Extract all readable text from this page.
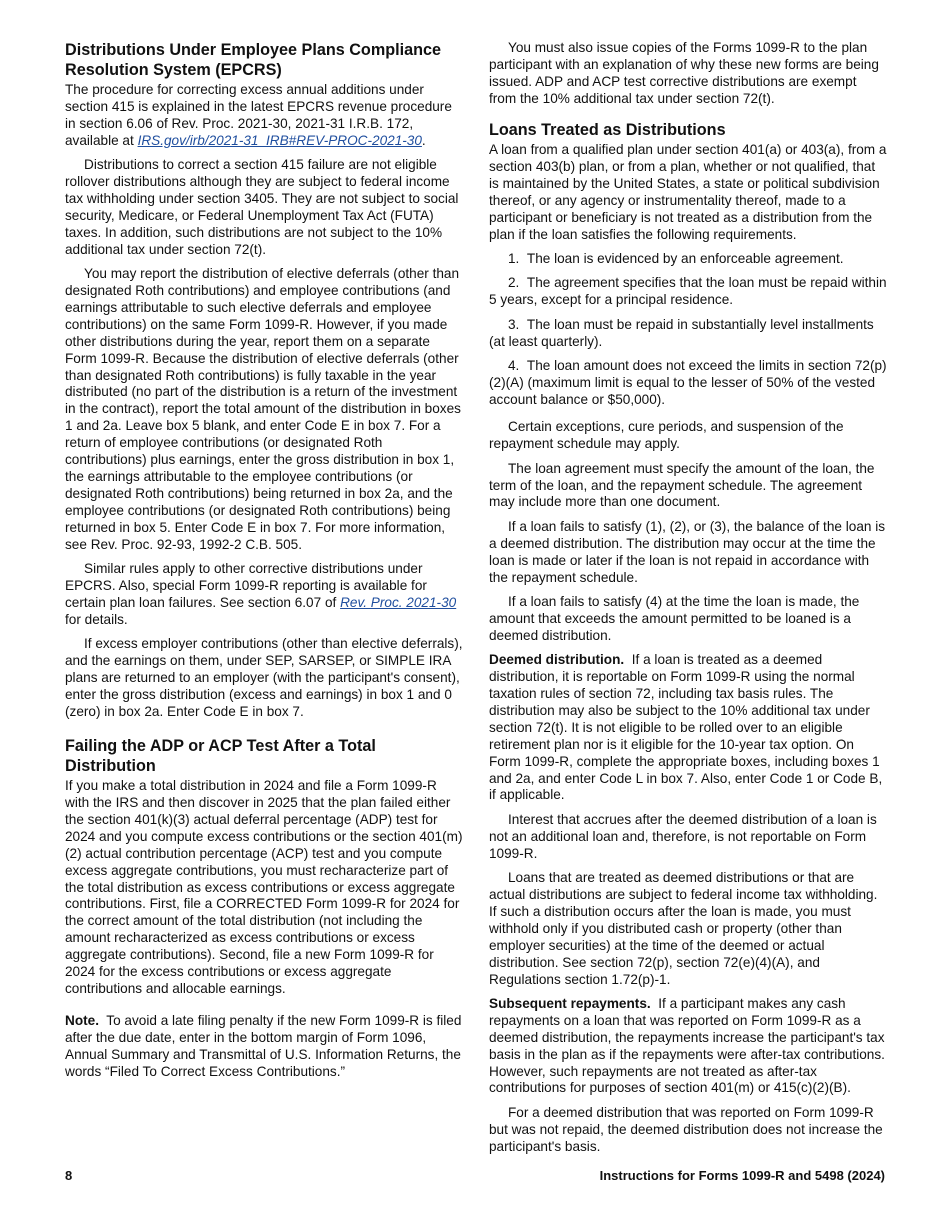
Distributions Under Employee Plans Compliance Resolution System (EPCRS)

The procedure for correcting excess annual additions under section 415 is explained in the latest EPCRS revenue procedure in section 6.06 of Rev. Proc. 2021-30, 2021-31 I.R.B. 172, available at IRS.gov/irb/2021-31_IRB#REV-PROC-2021-30.

Distributions to correct a section 415 failure are not eligible rollover distributions although they are subject to federal income tax withholding under section 3405. They are not subject to social security, Medicare, or Federal Unemployment Tax Act (FUTA) taxes. In addition, such distributions are not subject to the 10% additional tax under section 72(t).

You may report the distribution of elective deferrals (other than designated Roth contributions) and employee contributions (and earnings attributable to such elective deferrals and employee contributions) on the same Form 1099-R. However, if you made other distributions during the year, report them on a separate Form 1099-R. Because the distribution of elective deferrals (other than designated Roth contributions) is fully taxable in the year distributed (no part of the distribution is a return of the investment in the contract), report the total amount of the distribution in boxes 1 and 2a. Leave box 5 blank, and enter Code E in box 7. For a return of employee contributions (or designated Roth contributions) plus earnings, enter the gross distribution in box 1, the earnings attributable to the employee contributions (or designated Roth contributions) being returned in box 2a, and the employee contributions (or designated Roth contributions) being returned in box 5. Enter Code E in box 7. For more information, see Rev. Proc. 92-93, 1992-2 C.B. 505.

Similar rules apply to other corrective distributions under EPCRS. Also, special Form 1099-R reporting is available for certain plan loan failures. See section 6.07 of Rev. Proc. 2021-30 for details.

If excess employer contributions (other than elective deferrals), and the earnings on them, under SEP, SARSEP, or SIMPLE IRA plans are returned to an employer (with the participant's consent), enter the gross distribution (excess and earnings) in box 1 and 0 (zero) in box 2a. Enter Code E in box 7.

Failing the ADP or ACP Test After a Total Distribution

If you make a total distribution in 2024 and file a Form 1099-R with the IRS and then discover in 2025 that the plan failed either the section 401(k)(3) actual deferral percentage (ADP) test for 2024 and you compute excess contributions or the section 401(m)(2) actual contribution percentage (ACP) test and you compute excess aggregate contributions, you must recharacterize part of the total distribution as excess contributions or excess aggregate contributions. First, file a CORRECTED Form 1099-R for 2024 for the correct amount of the total distribution (not including the amount recharacterized as excess contributions or excess aggregate contributions). Second, file a new Form 1099-R for 2024 for the excess contributions or excess aggregate contributions and allocable earnings.

Note. To avoid a late filing penalty if the new Form 1099-R is filed after the due date, enter in the bottom margin of Form 1096, Annual Summary and Transmittal of U.S. Information Returns, the words “Filed To Correct Excess Contributions.”

You must also issue copies of the Forms 1099-R to the plan participant with an explanation of why these new forms are being issued. ADP and ACP test corrective distributions are exempt from the 10% additional tax under section 72(t).

Loans Treated as Distributions

A loan from a qualified plan under section 401(a) or 403(a), from a section 403(b) plan, or from a plan, whether or not qualified, that is maintained by the United States, a state or political subdivision thereof, or any agency or instrumentality thereof, made to a participant or beneficiary is not treated as a distribution from the plan if the loan satisfies the following requirements.

1.  The loan is evidenced by an enforceable agreement.

2.  The agreement specifies that the loan must be repaid within 5 years, except for a principal residence.

3.  The loan must be repaid in substantially level installments (at least quarterly).

4.  The loan amount does not exceed the limits in section 72(p)(2)(A) (maximum limit is equal to the lesser of 50% of the vested account balance or $50,000).

Certain exceptions, cure periods, and suspension of the repayment schedule may apply.

The loan agreement must specify the amount of the loan, the term of the loan, and the repayment schedule. The agreement may include more than one document.

If a loan fails to satisfy (1), (2), or (3), the balance of the loan is a deemed distribution. The distribution may occur at the time the loan is made or later if the loan is not repaid in accordance with the repayment schedule.

If a loan fails to satisfy (4) at the time the loan is made, the amount that exceeds the amount permitted to be loaned is a deemed distribution.

Deemed distribution. If a loan is treated as a deemed distribution, it is reportable on Form 1099-R using the normal taxation rules of section 72, including tax basis rules. The distribution may also be subject to the 10% additional tax under section 72(t). It is not eligible to be rolled over to an eligible retirement plan nor is it eligible for the 10-year tax option. On Form 1099-R, complete the appropriate boxes, including boxes 1 and 2a, and enter Code L in box 7. Also, enter Code 1 or Code B, if applicable.

Interest that accrues after the deemed distribution of a loan is not an additional loan and, therefore, is not reportable on Form 1099-R.

Loans that are treated as deemed distributions or that are actual distributions are subject to federal income tax withholding. If such a distribution occurs after the loan is made, you must withhold only if you distributed cash or property (other than employer securities) at the time of the deemed or actual distribution. See section 72(p), section 72(e)(4)(A), and Regulations section 1.72(p)-1.

Subsequent repayments. If a participant makes any cash repayments on a loan that was reported on Form 1099-R as a deemed distribution, the repayments increase the participant's tax basis in the plan as if the repayments were after-tax contributions. However, such repayments are not treated as after-tax contributions for purposes of section 401(m) or 415(c)(2)(B).

For a deemed distribution that was reported on Form 1099-R but was not repaid, the deemed distribution does not increase the participant's basis.

8	Instructions for Forms 1099-R and 5498 (2024)
